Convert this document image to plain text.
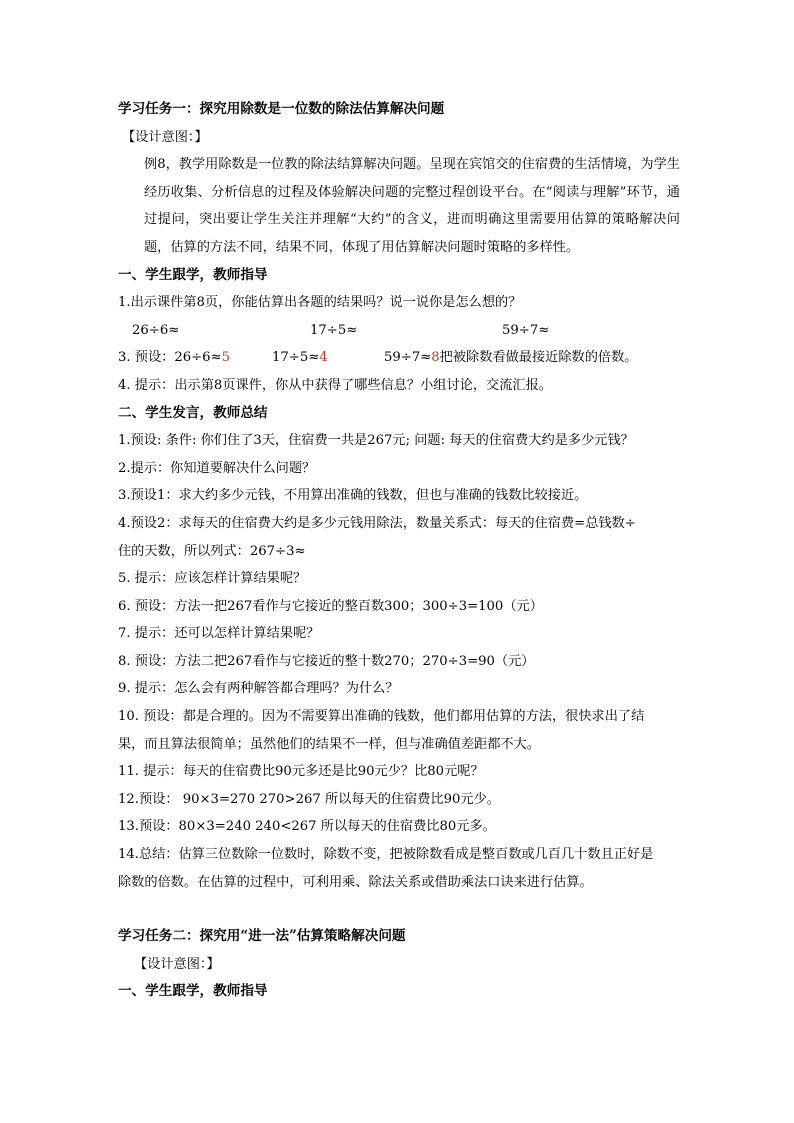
学习任务一：探究用除数是一位数的除法估算解决问题
【设计意图：】
例8，教学用除数是一位教的除法结算解决问题。呈现在宾馆交的住宿费的生活情境，为学生经历收集、分析信息的过程及体验解决问题的完整过程创设平台。在“阅读与理解”环节，通过提问，突出要让学生关注并理解“大约”的含义，进而明确这里需要用估算的策略解决问题，估算的方法不同，结果不同，体现了用估算解决问题时策略的多样性。
一、学生跟学，教师指导
1.出示课件第8页，你能估算出各题的结果吗？说一说你是怎么想的？
26÷6≈	17÷5≈	59÷7≈
3. 预设：26÷6≈5	17÷5≈4	59÷7≈8把被除数看做最接近除数的倍数。
4. 提示：出示第8页课件，你从中获得了哪些信息？小组讨论，交流汇报。
二、学生发言，教师总结
1.预设: 条件: 你们住了3天，住宿费一共是267元; 问题: 每天的住宿费大约是多少元钱？
2.提示：你知道要解决什么问题？
3.预设1：求大约多少元钱，不用算出准确的钱数，但也与准确的钱数比较接近。
4.预设2：求每天的住宿费大约是多少元钱用除法，数量关系式：每天的住宿费=总钱数÷
住的天数，所以列式：267÷3≈
5. 提示：应该怎样计算结果呢？
6. 预设：方法一把267看作与它接近的整百数300；300÷3=100（元）
7. 提示：还可以怎样计算结果呢？
8. 预设：方法二把267看作与它接近的整十数270；270÷3=90（元）
9. 提示：怎么会有两种解答都合理吗？为什么？
10. 预设：都是合理的。因为不需要算出准确的钱数，他们都用估算的方法，很快求出了结
果，而且算法很简单；虽然他们的结果不一样，但与准确值差距都不大。
11. 提示：每天的住宿费比90元多还是比90元少？比80元呢？
12.预设： 90×3=270 270>267 所以每天的住宿费比90元少。
13.预设：80×3=240 240<267 所以每天的住宿费比80元多。
14.总结：估算三位数除一位数时，除数不变，把被除数看成是整百数或几百几十数且正好是
除数的倍数。在估算的过程中，可利用乘、除法关系或借助乘法口诀来进行估算。
学习任务二：探究用“进一法”估算策略解决问题
【设计意图：】
一、学生跟学，教师指导
